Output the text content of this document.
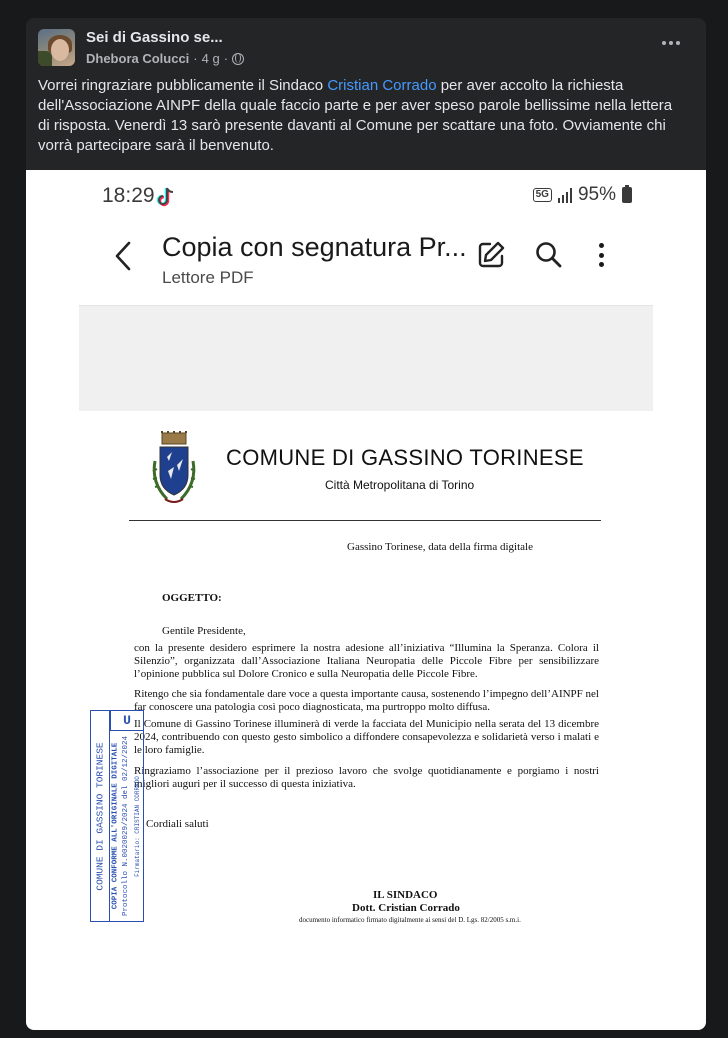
Sei di Gassino se...
Dhebora Colucci · 4 g ·
Vorrei ringraziare pubblicamente il Sindaco Cristian Corrado per aver accolto la richiesta dell'Associazione AINPF della quale faccio parte e per aver speso parole bellissime nella lettera di risposta. Venerdì 13 sarò presente davanti al Comune per scattare una foto. Ovviamente chi vorrà partecipare sarà il benvenuto.
18:29	5G 95%
Copia con segnatura Pr...
Lettore PDF
COMUNE DI GASSINO TORINESE
Città Metropolitana di Torino
Gassino Torinese, data della firma digitale
OGGETTO:
Gentile Presidente,
con la presente desidero esprimere la nostra adesione all’iniziativa “Illumina la Speranza. Colora il Silenzio”, organizzata dall’Associazione Italiana Neuropatia delle Piccole Fibre per sensibilizzare l’opinione pubblica sul Dolore Cronico e sulla Neuropatia delle Piccole Fibre.
Ritengo che sia fondamentale dare voce a questa importante causa, sostenendo l’impegno dell’AINPF nel far conoscere una patologia così poco diagnosticata, ma purtroppo molto diffusa.
Il Comune di Gassino Torinese illuminerà di verde la facciata del Municipio nella serata del 13 dicembre 2024, contribuendo con questo gesto simbolico a diffondere consapevolezza e solidarietà verso i malati e le loro famiglie.
Ringraziamo l’associazione per il prezioso lavoro che svolge quotidianamente e porgiamo i nostri migliori auguri per il successo di questa iniziativa.
Cordiali saluti
IL SINDACO
Dott. Cristian Corrado
documento informatico firmato digitalmente ai sensi del D. Lgs. 82/2005 s.m.i.
COMUNE DI GASSINO TORINESE
U
COPIA CONFORME ALL'ORIGINALE DIGITALE Protocollo N.0020029/2024 del 02/12/2024 Firmatario: CRISTIAN CORRADO
